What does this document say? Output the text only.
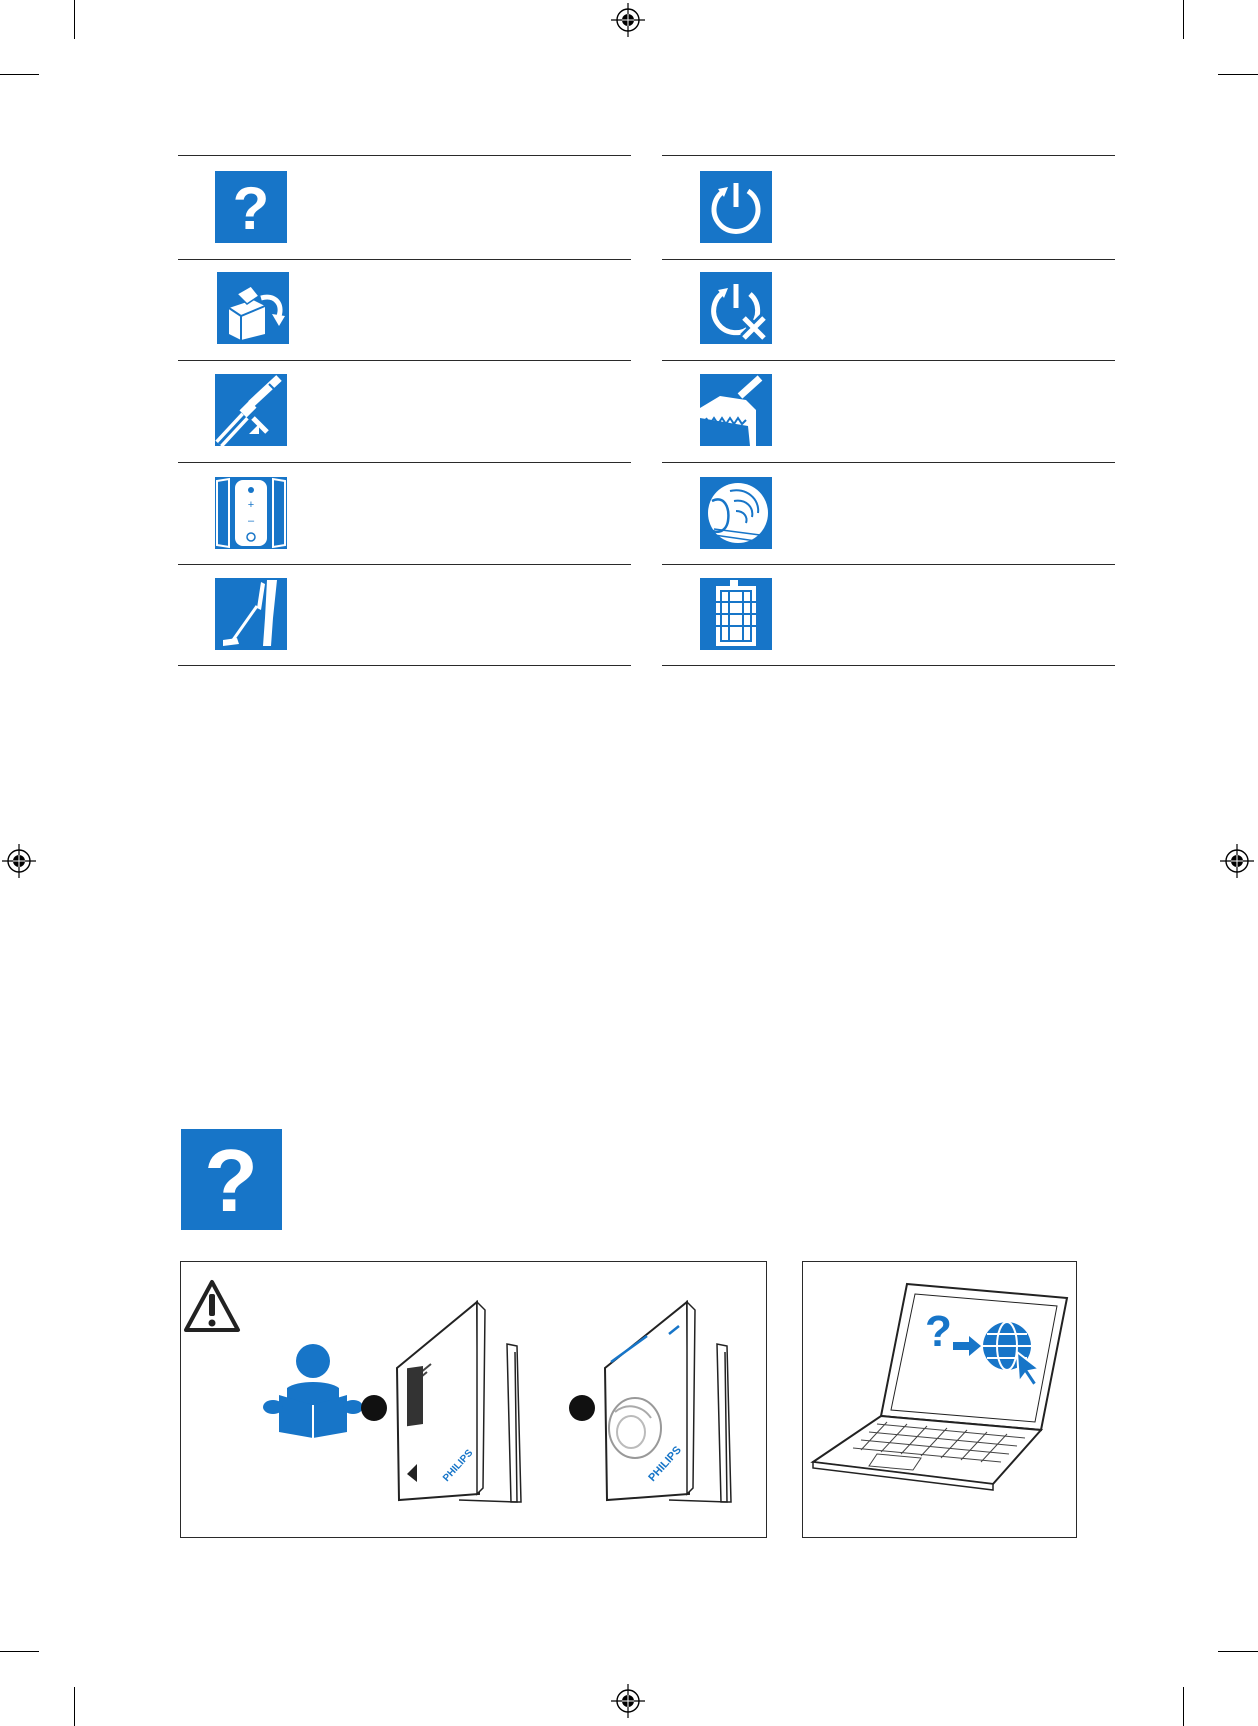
?
+
–
?
PHILIPS	PHILIPS
?
